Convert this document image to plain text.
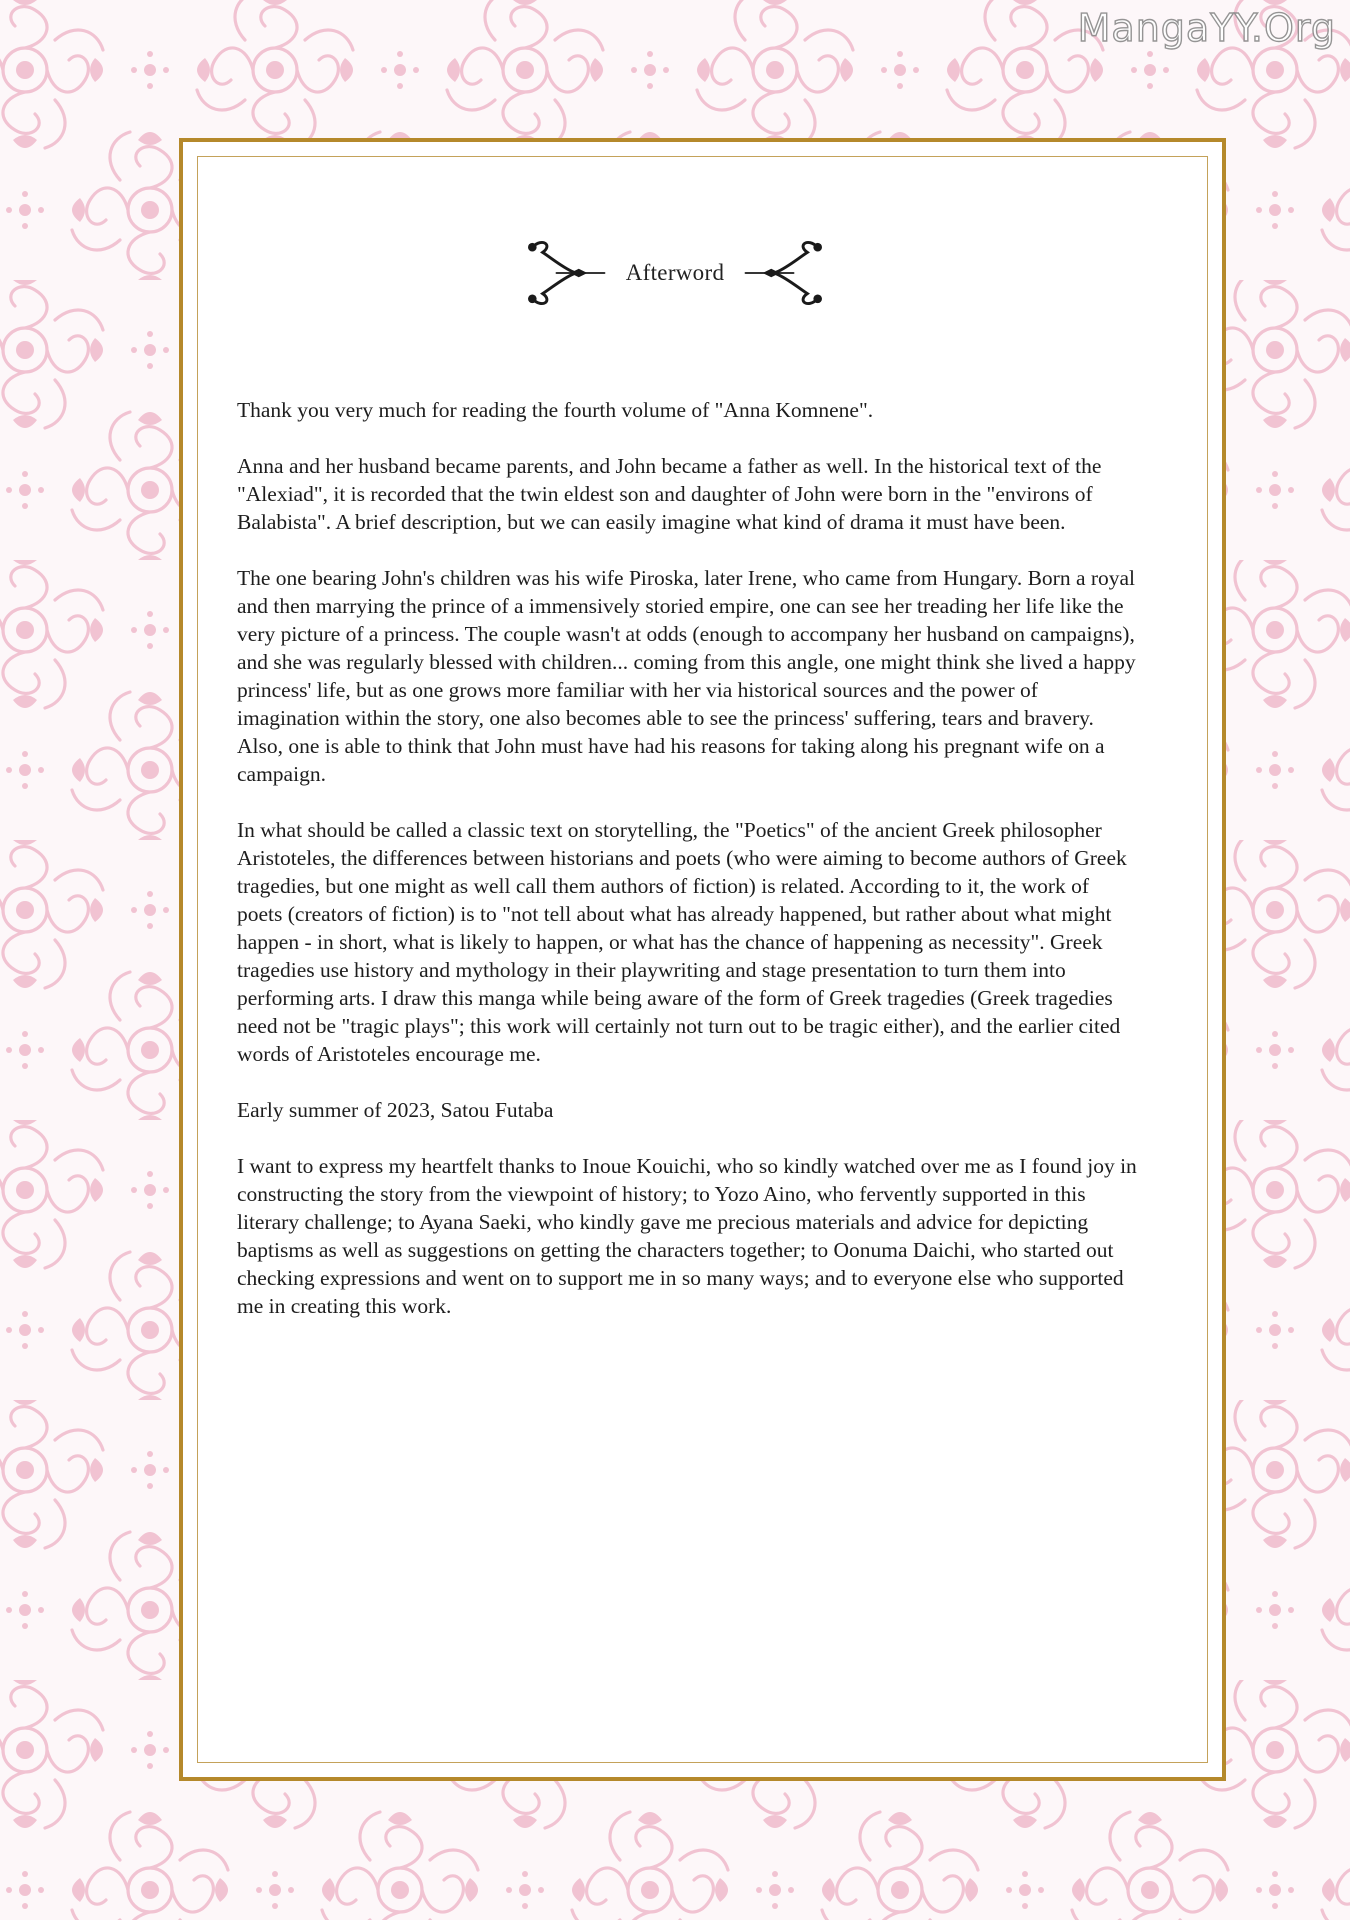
MangaYY.Org
Afterword

Thank you very much for reading the fourth volume of "Anna Komnene".

Anna and her husband became parents, and John became a father as well. In the historical text of the "Alexiad", it is recorded that the twin eldest son and daughter of John were born in the "environs of Balabista". A brief description, but we can easily imagine what kind of drama it must have been.

The one bearing John's children was his wife Piroska, later Irene, who came from Hungary. Born a royal and then marrying the prince of a immensively storied empire, one can see her treading her life like the very picture of a princess. The couple wasn't at odds (enough to accompany her husband on campaigns), and she was regularly blessed with children... coming from this angle, one might think she lived a happy princess' life, but as one grows more familiar with her via historical sources and the power of imagination within the story, one also becomes able to see the princess' suffering, tears and bravery. Also, one is able to think that John must have had his reasons for taking along his pregnant wife on a campaign.

In what should be called a classic text on storytelling, the "Poetics" of the ancient Greek philosopher Aristoteles, the differences between historians and poets (who were aiming to become authors of Greek tragedies, but one might as well call them authors of fiction) is related. According to it, the work of poets (creators of fiction) is to "not tell about what has already happened, but rather about what might happen - in short, what is likely to happen, or what has the chance of happening as necessity". Greek tragedies use history and mythology in their playwriting and stage presentation to turn them into performing arts. I draw this manga while being aware of the form of Greek tragedies (Greek tragedies need not be "tragic plays"; this work will certainly not turn out to be tragic either), and the earlier cited words of Aristoteles encourage me.

Early summer of 2023, Satou Futaba

I want to express my heartfelt thanks to Inoue Kouichi, who so kindly watched over me as I found joy in constructing the story from the viewpoint of history; to Yozo Aino, who fervently supported in this literary challenge; to Ayana Saeki, who kindly gave me precious materials and advice for depicting baptisms as well as suggestions on getting the characters together; to Oonuma Daichi, who started out checking expressions and went on to support me in so many ways; and to everyone else who supported me in creating this work.
